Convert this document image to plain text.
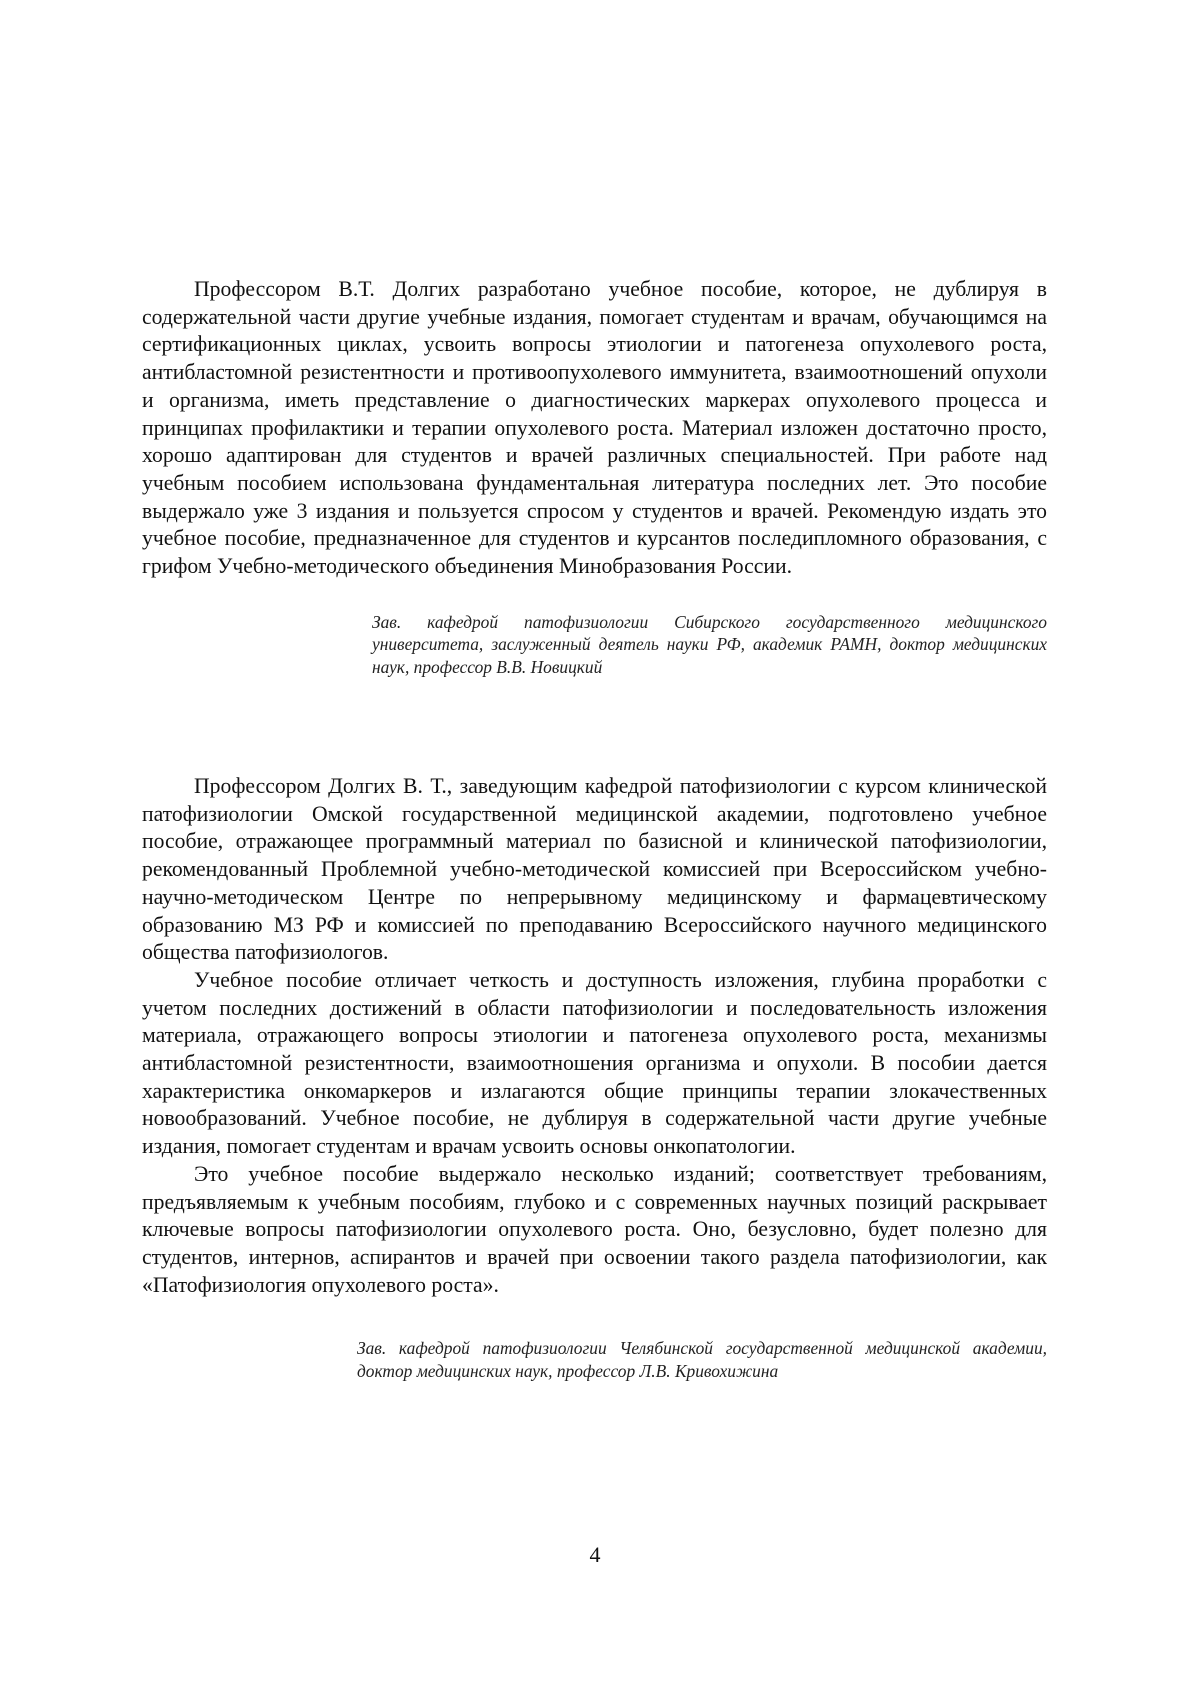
Профессором В.Т. Долгих разработано учебное пособие, которое, не дублируя в содержательной части другие учебные издания, помогает студентам и врачам, обучающимся на сертификационных циклах, усвоить вопросы этиологии и патогенеза опухолевого роста, антибластомной резистентности и противоопухолевого иммунитета, взаимоотношений опухоли и организма, иметь представление о диагностических маркерах опухолевого процесса и принципах профилактики и терапии опухолевого роста. Материал изложен достаточно просто, хорошо адаптирован для студентов и врачей различных специальностей. При работе над учебным пособием использована фундаментальная литература последних лет. Это пособие выдержало уже 3 издания и пользуется спросом у студентов и врачей. Рекомендую издать это учебное пособие, предназначенное для студентов и курсантов последипломного образования, с грифом Учебно-методического объединения Минобразования России.

Зав. кафедрой патофизиологии Сибирского государственного медицинского университета, заслуженный деятель науки РФ, академик РАМН, доктор медицинских наук, профессор В.В. Новицкий

Профессором Долгих В. Т., заведующим кафедрой патофизиологии с курсом клинической патофизиологии Омской государственной медицинской академии, подготовлено учебное пособие, отражающее программный материал по базисной и клинической патофизиологии, рекомендованный Проблемной учебно-методической комиссией при Всероссийском учебно-научно-методическом Центре по непрерывному медицинскому и фармацевтическому образованию МЗ РФ и комиссией по преподаванию Всероссийского научного медицинского общества патофизиологов.

Учебное пособие отличает четкость и доступность изложения, глубина проработки с учетом последних достижений в области патофизиологии и последовательность изложения материала, отражающего вопросы этиологии и патогенеза опухолевого роста, механизмы антибластомной резистентности, взаимоотношения организма и опухоли. В пособии дается характеристика онкомаркеров и излагаются общие принципы терапии злокачественных новообразований. Учебное пособие, не дублируя в содержательной части другие учебные издания, помогает студентам и врачам усвоить основы онкопатологии.

Это учебное пособие выдержало несколько изданий; соответствует требованиям, предъявляемым к учебным пособиям, глубоко и с современных научных позиций раскрывает ключевые вопросы патофизиологии опухолевого роста. Оно, безусловно, будет полезно для студентов, интернов, аспирантов и врачей при освоении такого раздела патофизиологии, как «Патофизиология опухолевого роста».

Зав. кафедрой патофизиологии Челябинской государственной медицинской академии, доктор медицинских наук, профессор Л.В. Кривохижина

4
